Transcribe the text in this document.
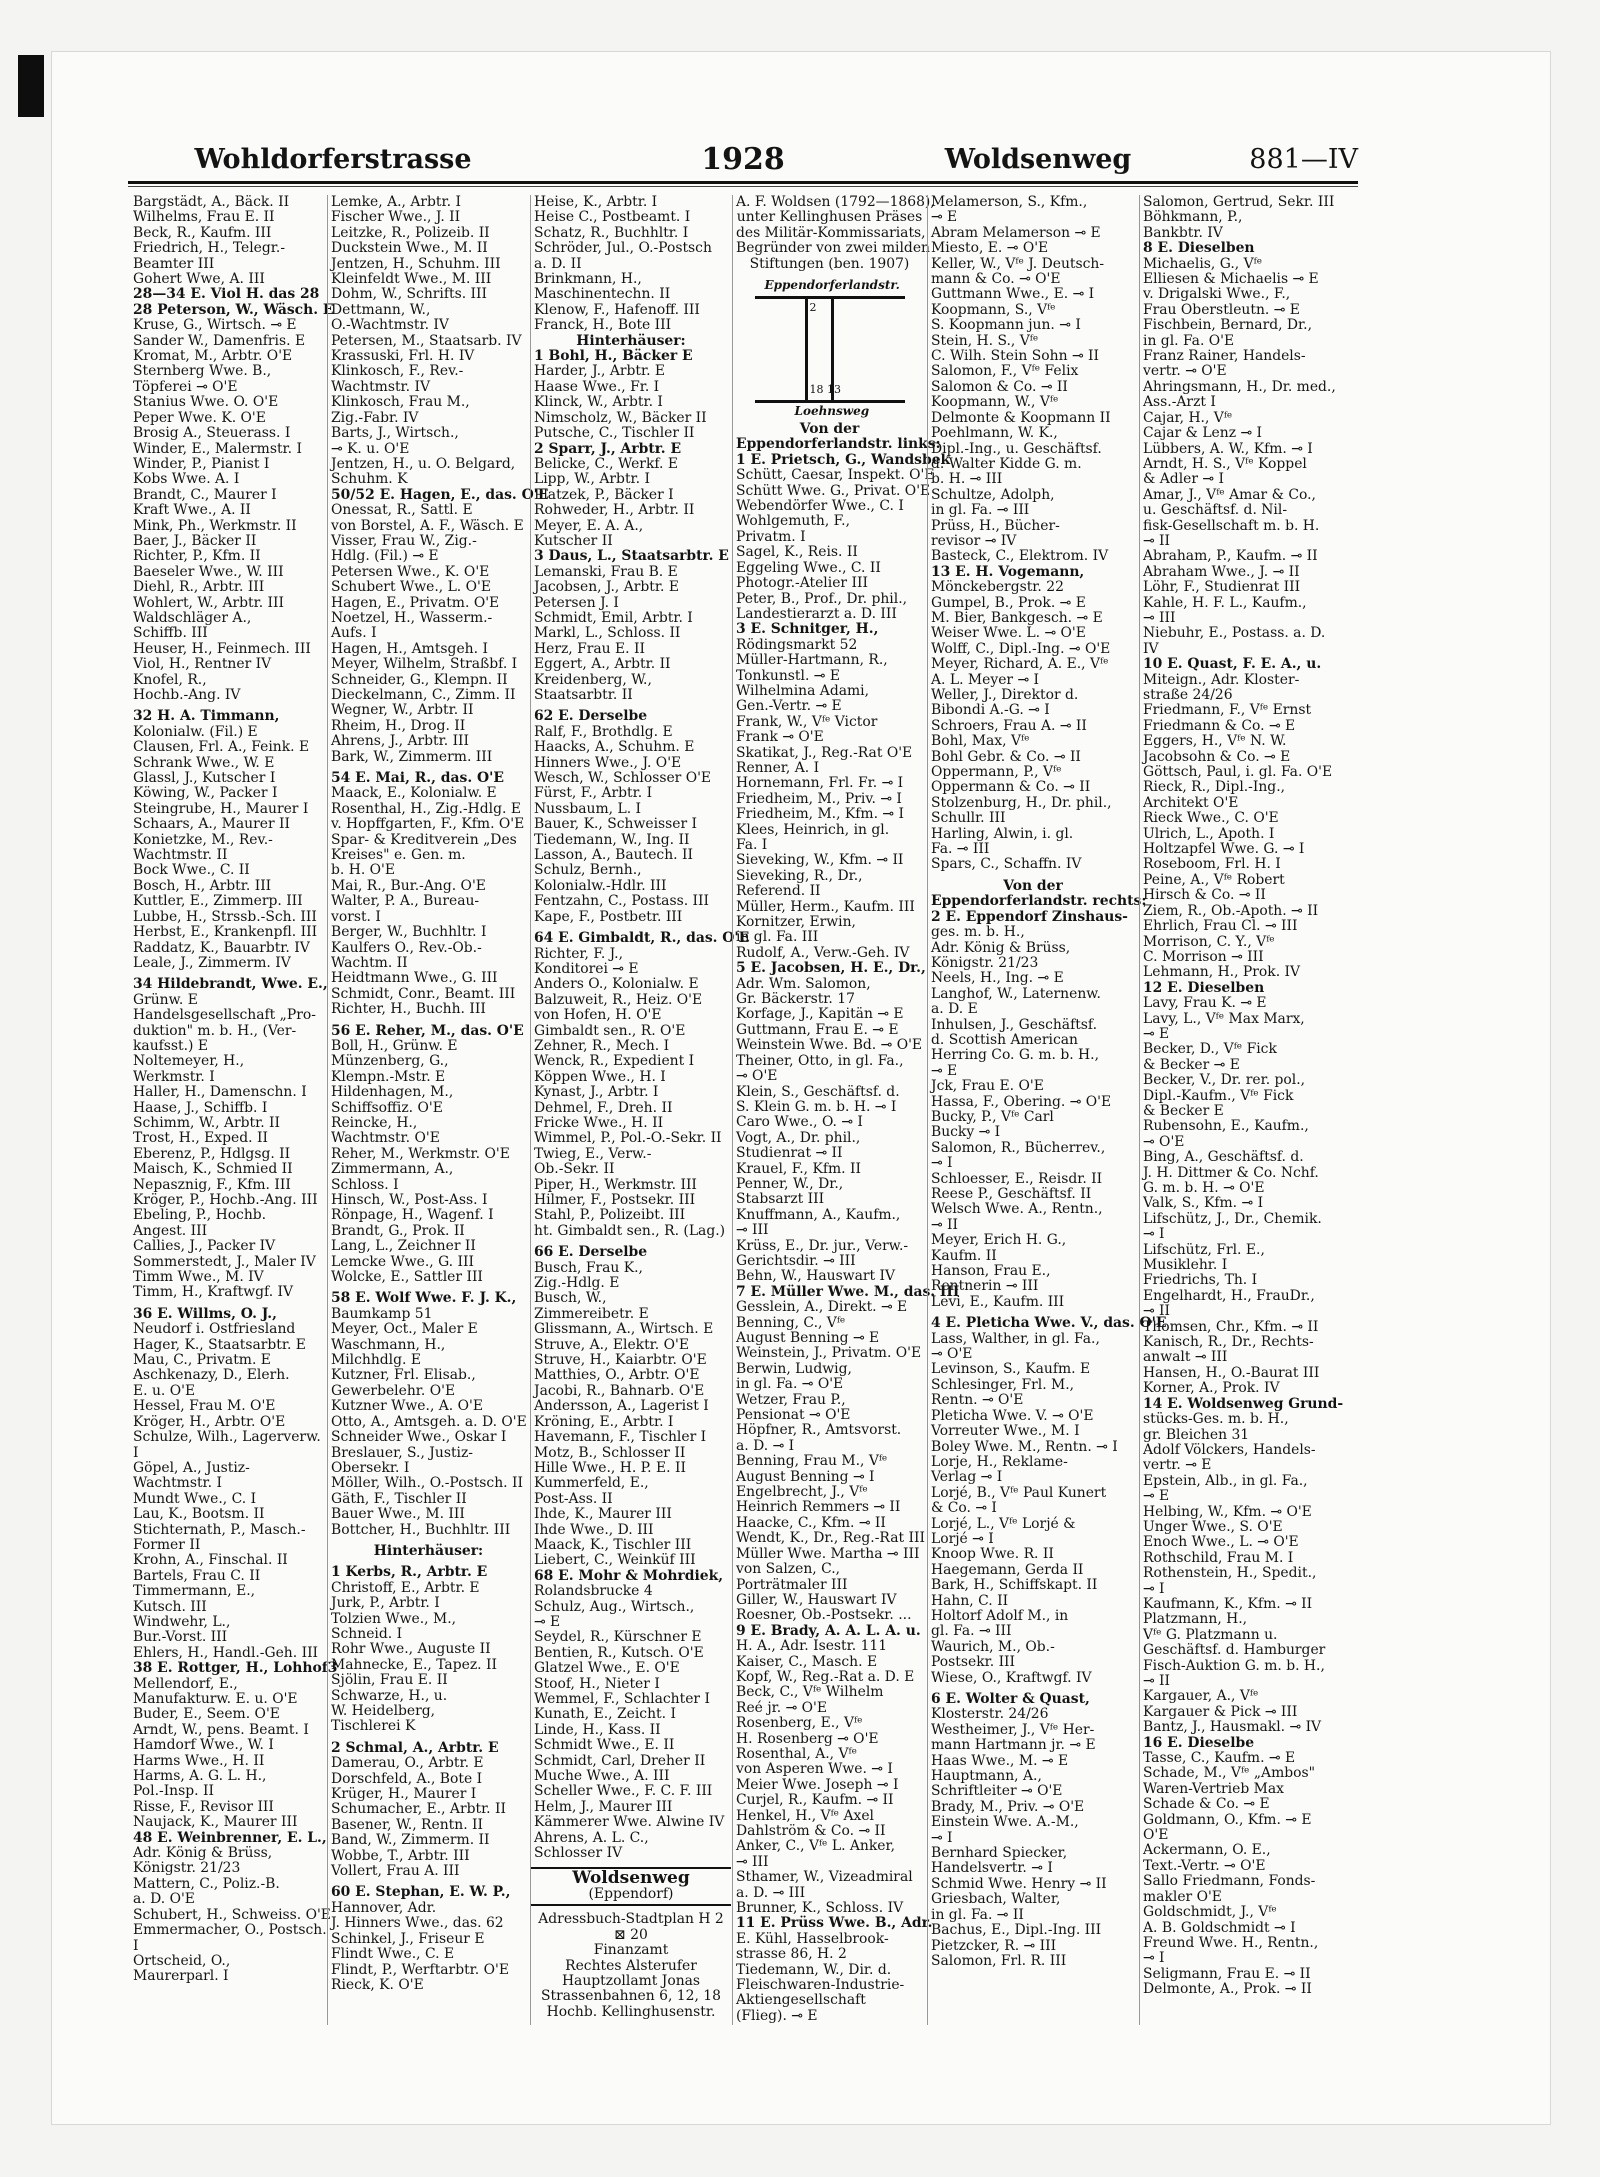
Wohldorferstrasse	1928	Woldsenweg	881—IV
Bargstädt, A., Bäck. II
Wilhelms, Frau E. II
Beck, R., Kaufm. III
Friedrich, H., Telegr.-
Beamter III
Gohert Wwe, A. III
28—34 E. Viol H. das 28
28 Peterson, W., Wäsch. E
Kruse, G., Wirtsch. ⊸ E
Sander W., Damenfris. E
Kromat, M., Arbtr. O'E
Sternberg Wwe. B.,
Töpferei ⊸ O'E
Stanius Wwe. O. O'E
Peper Wwe. K. O'E
Brosig A., Steuerass. I
Winder, E., Malermstr. I
Winder, P., Pianist I
Kobs Wwe. A. I
Brandt, C., Maurer I
Kraft Wwe., A. II
Mink, Ph., Werkmstr. II
Baer, J., Bäcker II
Richter, P., Kfm. II
Baeseler Wwe., W. III
Diehl, R., Arbtr. III
Wohlert, W., Arbtr. III
Waldschläger A.,
Schiffb. III
Heuser, H., Feinmech. III
Viol, H., Rentner IV
Knofel, R.,
Hochb.-Ang. IV
32 H. A. Timmann,
Kolonialw. (Fil.) E
Clausen, Frl. A., Feink. E
Schrank Wwe., W. E
Glassl, J., Kutscher I
Köwing, W., Packer I
Steingrube, H., Maurer I
Schaars, A., Maurer II
Konietzke, M., Rev.-
Wachtmstr. II
Bock Wwe., C. II
Bosch, H., Arbtr. III
Kuttler, E., Zimmerp. III
Lubbe, H., Strssb.-Sch. III
Herbst, E., Krankenpfl. III
Raddatz, K., Bauarbtr. IV
Leale, J., Zimmerm. IV
34 Hildebrandt, Wwe. E.,
Grünw. E
Handelsgesellschaft „Pro-
duktion" m. b. H., (Ver-
kaufsst.) E
Noltemeyer, H.,
Werkmstr. I
Haller, H., Damenschn. I
Haase, J., Schiffb. I
Schimm, W., Arbtr. II
Trost, H., Exped. II
Eberenz, P., Hdlgsg. II
Maisch, K., Schmied II
Nepasznig, F., Kfm. III
Kröger, P., Hochb.-Ang. III
Ebeling, P., Hochb.
Angest. III
Callies, J., Packer IV
Sommerstedt, J., Maler IV
Timm Wwe., M. IV
Timm, H., Kraftwgf. IV
36 E. Willms, O. J.,
Neudorf i. Ostfriesland
Hager, K., Staatsarbtr. E
Mau, C., Privatm. E
Aschkenazy, D., Elerh.
E. u. O'E
Hessel, Frau M. O'E
Kröger, H., Arbtr. O'E
Schulze, Wilh., Lagerverw.
I
Göpel, A., Justiz-
Wachtmstr. I
Mundt Wwe., C. I
Lau, K., Bootsm. II
Stichternath, P., Masch.-
Former II
Krohn, A., Finschal. II
Bartels, Frau C. II
Timmermann, E.,
Kutsch. III
Windwehr, L.,
Bur.-Vorst. III
Ehlers, H., Handl.-Geh. III
38 E. Rottger, H., Lohhof3
Mellendorf, E.,
Manufakturw. E. u. O'E
Buder, E., Seem. O'E
Arndt, W., pens. Beamt. I
Hamdorf Wwe., W. I
Harms Wwe., H. II
Harms, A. G. L. H.,
Pol.-Insp. II
Risse, F., Revisor III
Naujack, K., Maurer III
48 E. Weinbrenner, E. L.,
Adr. König & Brüss,
Königstr. 21/23
Mattern, C., Poliz.-B.
a. D. O'E
Schubert, H., Schweiss. O'E
Emmermacher, O., Postsch.
I
Ortscheid, O.,
Maurerparl. I
Lemke, A., Arbtr. I
Fischer Wwe., J. II
Leitzke, R., Polizeib. II
Duckstein Wwe., M. II
Jentzen, H., Schuhm. III
Kleinfeldt Wwe., M. III
Dohm, W., Schrifts. III
Dettmann, W.,
O.-Wachtmstr. IV
Petersen, M., Staatsarb. IV
Krassuski, Frl. H. IV
Klinkosch, F., Rev.-
Wachtmstr. IV
Klinkosch, Frau M.,
Zig.-Fabr. IV
Barts, J., Wirtsch.,
⊸ K. u. O'E
Jentzen, H., u. O. Belgard,
Schuhm. K
50/52 E. Hagen, E., das. O'E
Onessat, R., Sattl. E
von Borstel, A. F., Wäsch. E
Visser, Frau W., Zig.-
Hdlg. (Fil.) ⊸ E
Petersen Wwe., K. O'E
Schubert Wwe., L. O'E
Hagen, E., Privatm. O'E
Noetzel, H., Wasserm.-
Aufs. I
Hagen, H., Amtsgeh. I
Meyer, Wilhelm, Straßbf. I
Schneider, G., Klempn. II
Dieckelmann, C., Zimm. II
Wegner, W., Arbtr. II
Rheim, H., Drog. II
Ahrens, J., Arbtr. III
Bark, W., Zimmerm. III
54 E. Mai, R., das. O'E
Maack, E., Kolonialw. E
Rosenthal, H., Zig.-Hdlg. E
v. Hopffgarten, F., Kfm. O'E
Spar- & Kreditverein „Des
Kreises" e. Gen. m.
b. H. O'E
Mai, R., Bur.-Ang. O'E
Walter, P. A., Bureau-
vorst. I
Berger, W., Buchhltr. I
Kaulfers O., Rev.-Ob.-
Wachtm. II
Heidtmann Wwe., G. III
Schmidt, Conr., Beamt. III
Richter, H., Buchh. III
56 E. Reher, M., das. O'E
Boll, H., Grünw. E
Münzenberg, G.,
Klempn.-Mstr. E
Hildenhagen, M.,
Schiffsoffiz. O'E
Reincke, H.,
Wachtmstr. O'E
Reher, M., Werkmstr. O'E
Zimmermann, A.,
Schloss. I
Hinsch, W., Post-Ass. I
Rönpage, H., Wagenf. I
Brandt, G., Prok. II
Lang, L., Zeichner II
Lemcke Wwe., G. III
Wolcke, E., Sattler III
58 E. Wolf Wwe. F. J. K.,
Baumkamp 51
Meyer, Oct., Maler E
Waschmann, H.,
Milchhdlg. E
Kutzner, Frl. Elisab.,
Gewerbelehr. O'E
Kutzner Wwe., A. O'E
Otto, A., Amtsgeh. a. D. O'E
Schneider Wwe., Oskar I
Breslauer, S., Justiz-
Obersekr. I
Möller, Wilh., O.-Postsch. II
Gäth, F., Tischler II
Bauer Wwe., M. III
Bottcher, H., Buchhltr. III
Hinterhäuser:
1 Kerbs, R., Arbtr. E
Christoff, E., Arbtr. E
Jurk, P., Arbtr. I
Tolzien Wwe., M.,
Schneid. I
Rohr Wwe., Auguste II
Mahnecke, E., Tapez. II
Sjölin, Frau E. II
Schwarze, H., u.
W. Heidelberg,
Tischlerei K
2 Schmal, A., Arbtr. E
Damerau, O., Arbtr. E
Dorschfeld, A., Bote I
Krüger, H., Maurer I
Schumacher, E., Arbtr. II
Basener, W., Rentn. II
Band, W., Zimmerm. II
Wobbe, T., Arbtr. III
Vollert, Frau A. III
60 E. Stephan, E. W. P.,
Hannover, Adr.
J. Hinners Wwe., das. 62
Schinkel, J., Friseur E
Flindt Wwe., C. E
Flindt, P., Werftarbtr. O'E
Rieck, K. O'E
Heise, K., Arbtr. I
Heise C., Postbeamt. I
Schatz, R., Buchhltr. I
Schröder, Jul., O.-Postsch
a. D. II
Brinkmann, H.,
Maschinentechn. II
Klenow, F., Hafenoff. III
Franck, H., Bote III
Hinterhäuser:
1 Bohl, H., Bäcker E
Harder, J., Arbtr. E
Haase Wwe., Fr. I
Klinck, W., Arbtr. I
Nimscholz, W., Bäcker II
Putsche, C., Tischler II
2 Sparr, J., Arbtr. E
Belicke, C., Werkf. E
Lipp, W., Arbtr. I
Platzek, P., Bäcker I
Rohweder, H., Arbtr. II
Meyer, E. A. A.,
Kutscher II
3 Daus, L., Staatsarbtr. E
Lemanski, Frau B. E
Jacobsen, J., Arbtr. E
Petersen J. I
Schmidt, Emil, Arbtr. I
Markl, L., Schloss. II
Herz, Frau E. II
Eggert, A., Arbtr. II
Kreidenberg, W.,
Staatsarbtr. II
62 E. Derselbe
Ralf, F., Brothdlg. E
Haacks, A., Schuhm. E
Hinners Wwe., J. O'E
Wesch, W., Schlosser O'E
Fürst, F., Arbtr. I
Nussbaum, L. I
Bauer, K., Schweisser I
Tiedemann, W., Ing. II
Lasson, A., Bautech. II
Schulz, Bernh.,
Kolonialw.-Hdlr. III
Fentzahn, C., Postass. III
Kape, F., Postbetr. III
64 E. Gimbaldt, R., das. O'E
Richter, F. J.,
Konditorei ⊸ E
Anders O., Kolonialw. E
Balzuweit, R., Heiz. O'E
von Hofen, H. O'E
Gimbaldt sen., R. O'E
Zehner, R., Mech. I
Wenck, R., Expedient I
Köppen Wwe., H. I
Kynast, J., Arbtr. I
Dehmel, F., Dreh. II
Fricke Wwe., H. II
Wimmel, P., Pol.-O.-Sekr. II
Twieg, E., Verw.-
Ob.-Sekr. II
Piper, H., Werkmstr. III
Hilmer, F., Postsekr. III
Stahl, P., Polizeibt. III
ht. Gimbaldt sen., R. (Lag.)
66 E. Derselbe
Busch, Frau K.,
Zig.-Hdlg. E
Busch, W.,
Zimmereibetr. E
Glissmann, A., Wirtsch. E
Struve, A., Elektr. O'E
Struve, H., Kaiarbtr. O'E
Matthies, O., Arbtr. O'E
Jacobi, R., Bahnarb. O'E
Andersson, A., Lagerist I
Kröning, E., Arbtr. I
Havemann, F., Tischler I
Motz, B., Schlosser II
Hille Wwe., H. P. E. II
Kummerfeld, E.,
Post-Ass. II
Ihde, K., Maurer III
Ihde Wwe., D. III
Maack, K., Tischler III
Liebert, C., Weinküf III
68 E. Mohr & Mohrdiek,
Rolandsbrucke 4
Schulz, Aug., Wirtsch.,
⊸ E
Seydel, R., Kürschner E
Bentien, R., Kutsch. O'E
Glatzel Wwe., E. O'E
Stoof, H., Nieter I
Wemmel, F., Schlachter I
Kunath, E., Zeicht. I
Linde, H., Kass. II
Schmidt Wwe., E. II
Schmidt, Carl, Dreher II
Muche Wwe., A. III
Scheller Wwe., F. C. F. III
Helm, J., Maurer III
Kämmerer Wwe. Alwine IV
Ahrens, A. L. C.,
Schlosser IV
Woldsenweg
(Eppendorf)
Adressbuch-Stadtplan H 2
⊠ 20
Finanzamt
Rechtes Alsterufer
Hauptzollamt Jonas
Strassenbahnen 6, 12, 18
Hochb. Kellinghusenstr.
A. F. Woldsen (1792—1868),
unter Kellinghusen Präses
des Militär-Kommissariats,
Begründer von zwei milden
Stiftungen (ben. 1907)
Eppendorferlandstr.
Loehnsweg
2
18 13
Von der
Eppendorferlandstr. links:
1 E. Prietsch, G., Wandsbek
Schütt, Caesar, Inspekt. O'E
Schütt Wwe. G., Privat. O'E
Webendörfer Wwe., C. I
Wohlgemuth, F.,
Privatm. I
Sagel, K., Reis. II
Eggeling Wwe., C. II
Photogr.-Atelier III
Peter, B., Prof., Dr. phil.,
Landestierarzt a. D. III
3 E. Schnitger, H.,
Rödingsmarkt 52
Müller-Hartmann, R.,
Tonkunstl. ⊸ E
Wilhelmina Adami,
Gen.-Vertr. ⊸ E
Frank, W., Vᶠᵉ Victor
Frank ⊸ O'E
Skatikat, J., Reg.-Rat O'E
Renner, A. I
Hornemann, Frl. Fr. ⊸ I
Friedheim, M., Priv. ⊸ I
Friedheim, M., Kfm. ⊸ I
Klees, Heinrich, in gl.
Fa. I
Sieveking, W., Kfm. ⊸ II
Sieveking, R., Dr.,
Referend. II
Müller, Herm., Kaufm. III
Kornitzer, Erwin,
in gl. Fa. III
Rudolf, A., Verw.-Geh. IV
5 E. Jacobsen, H. E., Dr.,
Adr. Wm. Salomon,
Gr. Bäckerstr. 17
Korfage, J., Kapitän ⊸ E
Guttmann, Frau E. ⊸ E
Weinstein Wwe. Bd. ⊸ O'E
Theiner, Otto, in gl. Fa.,
⊸ O'E
Klein, S., Geschäftsf. d.
S. Klein G. m. b. H. ⊸ I
Caro Wwe., O. ⊸ I
Vogt, A., Dr. phil.,
Studienrat ⊸ II
Krauel, F., Kfm. II
Penner, W., Dr.,
Stabsarzt III
Knuffmann, A., Kaufm.,
⊸ III
Krüss, E., Dr. jur., Verw.-
Gerichtsdir. ⊸ III
Behn, W., Hauswart IV
7 E. Müller Wwe. M., das. III
Gesslein, A., Direkt. ⊸ E
Benning, C., Vᶠᵉ
August Benning ⊸ E
Weinstein, J., Privatm. O'E
Berwin, Ludwig,
in gl. Fa. ⊸ O'E
Wetzer, Frau P.,
Pensionat ⊸ O'E
Höpfner, R., Amtsvorst.
a. D. ⊸ I
Benning, Frau M., Vᶠᵉ
August Benning ⊸ I
Engelbrecht, J., Vᶠᵉ
Heinrich Remmers ⊸ II
Haacke, C., Kfm. ⊸ II
Wendt, K., Dr., Reg.-Rat III
Müller Wwe. Martha ⊸ III
von Salzen, C.,
Porträtmaler III
Giller, W., Hauswart IV
Roesner, Ob.-Postsekr. ...
9 E. Brady, A. A. L. A. u.
H. A., Adr. Isestr. 111
Kaiser, C., Masch. E
Kopf, W., Reg.-Rat a. D. E
Beck, C., Vᶠᵉ Wilhelm
Reé jr. ⊸ O'E
Rosenberg, E., Vᶠᵉ
H. Rosenberg ⊸ O'E
Rosenthal, A., Vᶠᵉ
von Asperen Wwe. ⊸ I
Meier Wwe. Joseph ⊸ I
Curjel, R., Kaufm. ⊸ II
Henkel, H., Vᶠᵉ Axel
Dahlström & Co. ⊸ II
Anker, C., Vᶠᵉ L. Anker,
⊸ III
Sthamer, W., Vizeadmiral
a. D. ⊸ III
Brunner, K., Schloss. IV
11 E. Prüss Wwe. B., Adr.
E. Kühl, Hasselbrook-
strasse 86, H. 2
Tiedemann, W., Dir. d.
Fleischwaren-Industrie-
Aktiengesellschaft
(Flieg). ⊸ E
Melamerson, S., Kfm.,
⊸ E
Abram Melamerson ⊸ E
Miesto, E. ⊸ O'E
Keller, W., Vᶠᵉ J. Deutsch-
mann & Co. ⊸ O'E
Guttmann Wwe., E. ⊸ I
Koopmann, S., Vᶠᵉ
S. Koopmann jun. ⊸ I
Stein, H. S., Vᶠᵉ
C. Wilh. Stein Sohn ⊸ II
Salomon, F., Vᶠᵉ Felix
Salomon & Co. ⊸ II
Koopmann, W., Vᶠᵉ
Delmonte & Koopmann II
Poehlmann, W. K.,
Dipl.-Ing., u. Geschäftsf.
d. Walter Kidde G. m.
b. H. ⊸ III
Schultze, Adolph,
in gl. Fa. ⊸ III
Prüss, H., Bücher-
revisor ⊸ IV
Basteck, C., Elektrom. IV
13 E. H. Vogemann,
Mönckebergstr. 22
Gumpel, B., Prok. ⊸ E
M. Bier, Bankgesch. ⊸ E
Weiser Wwe. L. ⊸ O'E
Wolff, C., Dipl.-Ing. ⊸ O'E
Meyer, Richard, A. E., Vᶠᵉ
A. L. Meyer ⊸ I
Weller, J., Direktor d.
Bibondi A.-G. ⊸ I
Schroers, Frau A. ⊸ II
Bohl, Max, Vᶠᵉ
Bohl Gebr. & Co. ⊸ II
Oppermann, P., Vᶠᵉ
Oppermann & Co. ⊸ II
Stolzenburg, H., Dr. phil.,
Schullr. III
Harling, Alwin, i. gl.
Fa. ⊸ III
Spars, C., Schaffn. IV
Von der
Eppendorferlandstr. rechts:
2 E. Eppendorf Zinshaus-
ges. m. b. H.,
Adr. König & Brüss,
Königstr. 21/23
Neels, H., Ing. ⊸ E
Langhof, W., Laternenw.
a. D. E
Inhulsen, J., Geschäftsf.
d. Scottish American
Herring Co. G. m. b. H.,
⊸ E
Jck, Frau E. O'E
Hassa, F., Obering. ⊸ O'E
Bucky, P., Vᶠᵉ Carl
Bucky ⊸ I
Salomon, R., Bücherrev.,
⊸ I
Schloesser, E., Reisdr. II
Reese P., Geschäftsf. II
Welsch Wwe. A., Rentn.,
⊸ II
Meyer, Erich H. G.,
Kaufm. II
Hanson, Frau E.,
Rentnerin ⊸ III
Levi, E., Kaufm. III
4 E. Pletichа Wwe. V., das. O'E
Lass, Walther, in gl. Fa.,
⊸ O'E
Levinson, S., Kaufm. E
Schlesinger, Frl. M.,
Rentn. ⊸ O'E
Pletichа Wwe. V. ⊸ O'E
Vorreuter Wwe., M. I
Boley Wwe. M., Rentn. ⊸ I
Lorje, H., Reklame-
Verlag ⊸ I
Lorjé, B., Vᶠᵉ Paul Kunert
& Co. ⊸ I
Lorjé, L., Vᶠᵉ Lorjé &
Lorjé ⊸ I
Knoop Wwe. R. II
Haegemann, Gerda II
Bark, H., Schiffskapt. II
Hahn, C. II
Holtorf Adolf M., in
gl. Fa. ⊸ III
Waurich, M., Ob.-
Postsekr. III
Wiese, O., Kraftwgf. IV
6 E. Wolter & Quast,
Klosterstr. 24/26
Westheimer, J., Vᶠᵉ Her-
mann Hartmann jr. ⊸ E
Haas Wwe., M. ⊸ E
Hauptmann, A.,
Schriftleiter ⊸ O'E
Brady, M., Priv. ⊸ O'E
Einstein Wwe. A.-M.,
⊸ I
Bernhard Spiecker,
Handelsvertr. ⊸ I
Schmid Wwe. Henry ⊸ II
Griesbach, Walter,
in gl. Fa. ⊸ II
Bachus, E., Dipl.-Ing. III
Pietzcker, R. ⊸ III
Salomon, Frl. R. III
Salomon, Gertrud, Sekr. III
Böhkmann, P.,
Bankbtr. IV
8 E. Dieselben
Michaelis, G., Vᶠᵉ
Elliesen & Michaelis ⊸ E
v. Drigalski Wwe., F.,
Frau Oberstleutn. ⊸ E
Fischbein, Bernard, Dr.,
in gl. Fa. O'E
Franz Rainer, Handels-
vertr. ⊸ O'E
Ahringsmann, H., Dr. med.,
Ass.-Arzt I
Cajar, H., Vᶠᵉ
Cajar & Lenz ⊸ I
Lübbers, A. W., Kfm. ⊸ I
Arndt, H. S., Vᶠᵉ Koppel
& Adler ⊸ I
Amar, J., Vᶠᵉ Amar & Co.,
u. Geschäftsf. d. Nil-
fisk-Gesellschaft m. b. H.
⊸ II
Abraham, P., Kaufm. ⊸ II
Abraham Wwe., J. ⊸ II
Löhr, F., Studienrat III
Kahle, H. F. L., Kaufm.,
⊸ III
Niebuhr, E., Postass. a. D.
IV
10 E. Quast, F. E. A., u.
Miteign., Adr. Kloster-
straße 24/26
Friedmann, F., Vᶠᵉ Ernst
Friedmann & Co. ⊸ E
Eggers, H., Vᶠᵉ N. W.
Jacobsohn & Co. ⊸ E
Göttsch, Paul, i. gl. Fa. O'E
Rieck, R., Dipl.-Ing.,
Architekt O'E
Rieck Wwe., C. O'E
Ulrich, L., Apoth. I
Holtzapfel Wwe. G. ⊸ I
Roseboom, Frl. H. I
Peine, A., Vᶠᵉ Robert
Hirsch & Co. ⊸ II
Ziem, R., Ob.-Apoth. ⊸ II
Ehrlich, Frau Cl. ⊸ III
Morrison, C. Y., Vᶠᵉ
C. Morrison ⊸ III
Lehmann, H., Prok. IV
12 E. Dieselben
Lavy, Frau K. ⊸ E
Lavy, L., Vᶠᵉ Max Marx,
⊸ E
Becker, D., Vᶠᵉ Fick
& Becker ⊸ E
Becker, V., Dr. rer. pol.,
Dipl.-Kaufm., Vᶠᵉ Fick
& Becker E
Rubensohn, E., Kaufm.,
⊸ O'E
Bing, A., Geschäftsf. d.
J. H. Dittmer & Co. Nchf.
G. m. b. H. ⊸ O'E
Valk, S., Kfm. ⊸ I
Lifschütz, J., Dr., Chemik.
⊸ I
Lifschütz, Frl. E.,
Musiklehr. I
Friedrichs, Th. I
Engelhardt, H., FrauDr.,
⊸ II
Thomsen, Chr., Kfm. ⊸ II
Kanisch, R., Dr., Rechts-
anwalt ⊸ III
Hansen, H., O.-Baurat III
Korner, A., Prok. IV
14 E. Woldsenweg Grund-
stücks-Ges. m. b. H.,
gr. Bleichen 31
Adolf Völckers, Handels-
vertr. ⊸ E
Epstein, Alb., in gl. Fa.,
⊸ E
Helbing, W., Kfm. ⊸ O'E
Unger Wwe., S. O'E
Enoch Wwe., L. ⊸ O'E
Rothschild, Frau M. I
Rothenstein, H., Spedit.,
⊸ I
Kaufmann, K., Kfm. ⊸ II
Platzmann, H.,
Vᶠᵉ G. Platzmann u.
Geschäftsf. d. Hamburger
Fisch-Auktion G. m. b. H.,
⊸ II
Kargauer, A., Vᶠᵉ
Kargauer & Pick ⊸ III
Bantz, J., Hausmakl. ⊸ IV
16 E. Dieselbe
Tasse, C., Kaufm. ⊸ E
Schade, M., Vᶠᵉ „Ambos"
Waren-Vertrieb Max
Schade & Co. ⊸ E
Goldmann, O., Kfm. ⊸ E
O'E
Ackermann, O. E.,
Text.-Vertr. ⊸ O'E
Sallo Friedmann, Fonds-
makler O'E
Goldschmidt, J., Vᶠᵉ
A. B. Goldschmidt ⊸ I
Freund Wwe. H., Rentn.,
⊸ I
Seligmann, Frau E. ⊸ II
Delmonte, A., Prok. ⊸ II
